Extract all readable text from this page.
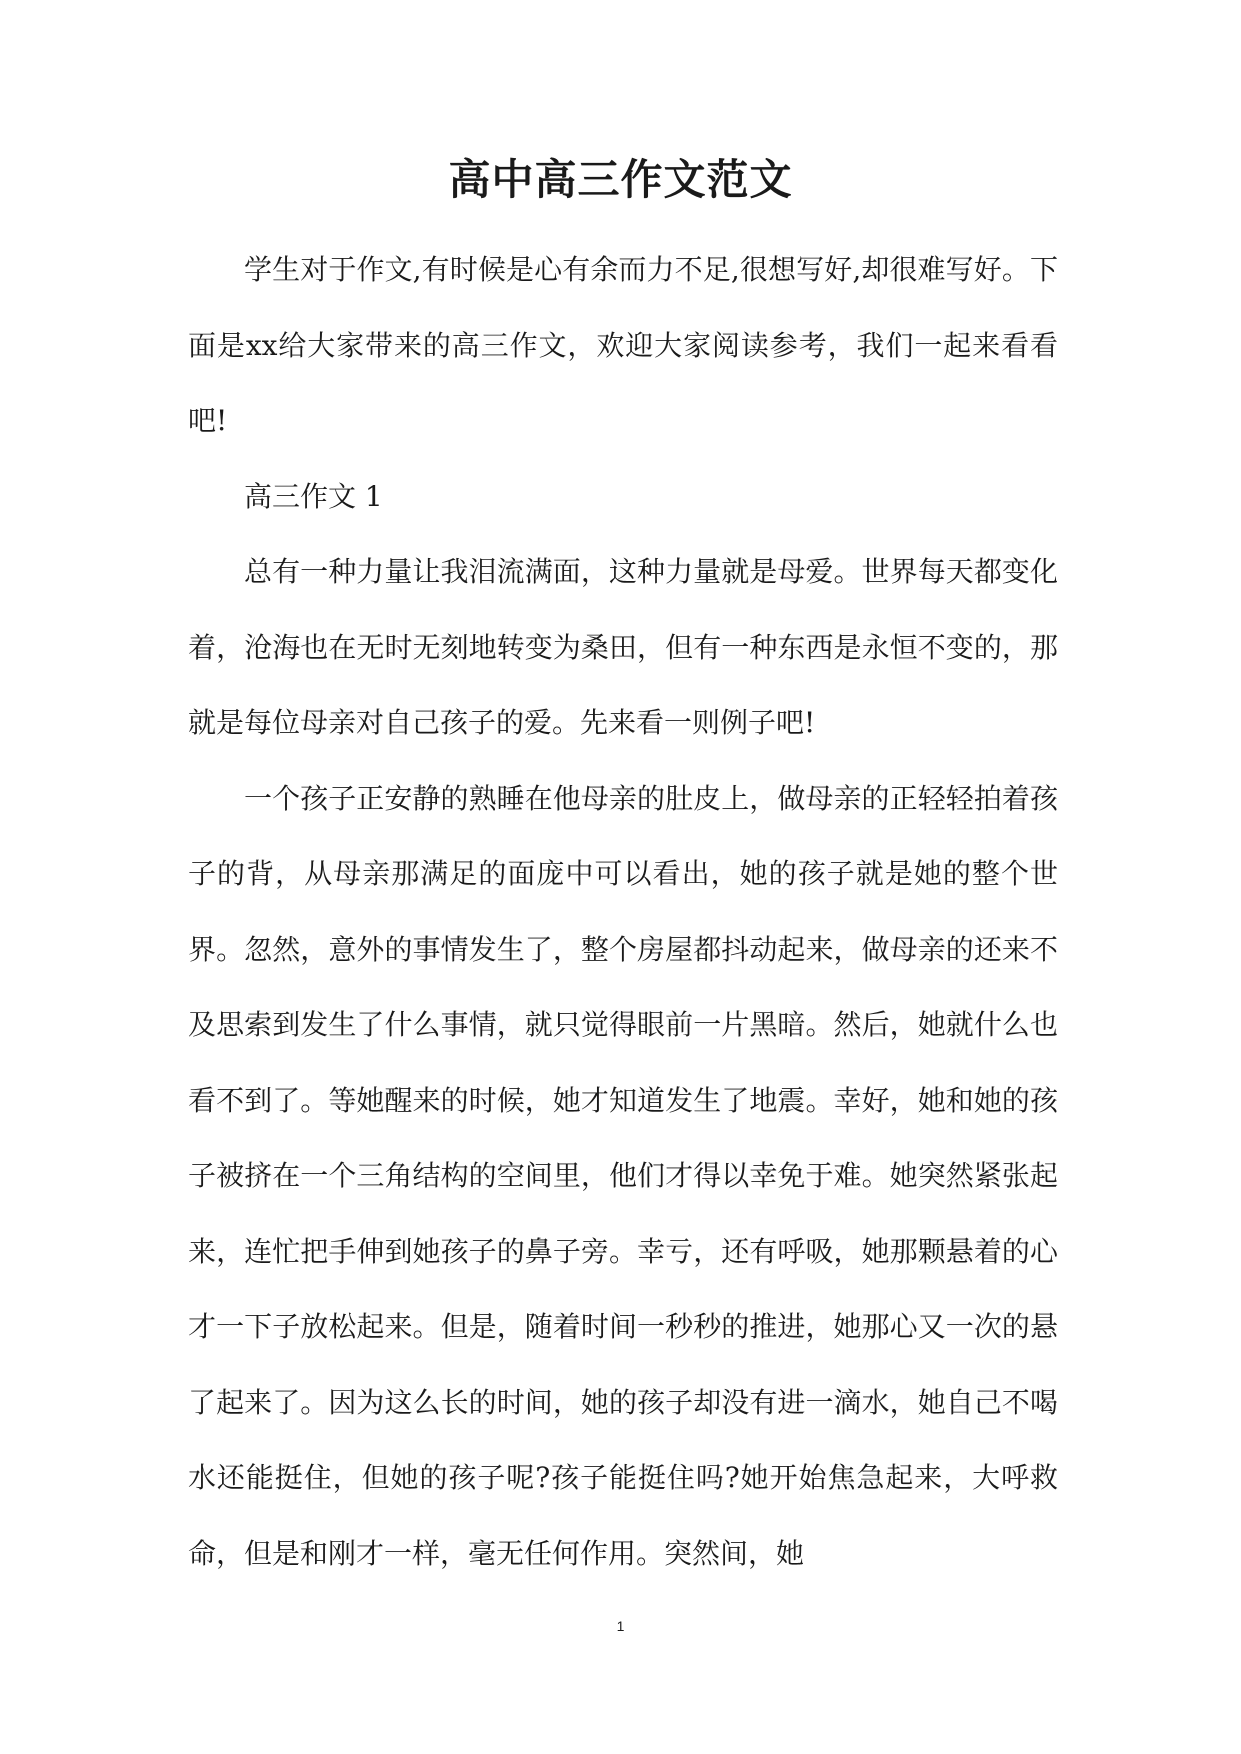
高中高三作文范文

学生对于作文,有时候是心有余而力不足,很想写好,却很难写好。下面是xx给大家带来的高三作文，欢迎大家阅读参考，我们一起来看看吧!

高三作文 1

总有一种力量让我泪流满面，这种力量就是母爱。世界每天都变化着，沧海也在无时无刻地转变为桑田，但有一种东西是永恒不变的，那就是每位母亲对自己孩子的爱。先来看一则例子吧!

一个孩子正安静的熟睡在他母亲的肚皮上，做母亲的正轻轻拍着孩子的背，从母亲那满足的面庞中可以看出，她的孩子就是她的整个世界。忽然，意外的事情发生了，整个房屋都抖动起来，做母亲的还来不及思索到发生了什么事情，就只觉得眼前一片黑暗。然后，她就什么也看不到了。等她醒来的时候，她才知道发生了地震。幸好，她和她的孩子被挤在一个三角结构的空间里，他们才得以幸免于难。她突然紧张起来，连忙把手伸到她孩子的鼻子旁。幸亏，还有呼吸，她那颗悬着的心才一下子放松起来。但是，随着时间一秒秒的推进，她那心又一次的悬了起来了。因为这么长的时间，她的孩子却没有进一滴水，她自己不喝水还能挺住，但她的孩子呢?孩子能挺住吗?她开始焦急起来，大呼救命，但是和刚才一样，毫无任何作用。突然间，她

1
